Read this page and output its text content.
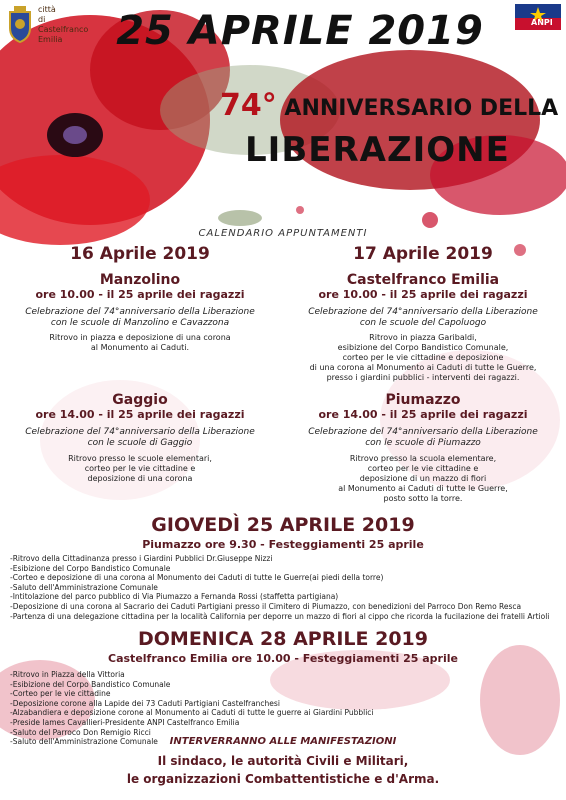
città
di
Castelfranco
Emilia
ANPI
25 APRILE 2019
74° ANNIVERSARIO DELLA
LIBERAZIONE
CALENDARIO APPUNTAMENTI
16 Aprile 2019
Manzolino
ore 10.00 - il 25 aprile dei ragazzi
Celebrazione del 74°anniversario della Liberazione
con le scuole di Manzolino e Cavazzona
Ritrovo in piazza e deposizione di una corona
al Monumento ai Caduti.
Gaggio
ore 14.00 - il 25 aprile dei ragazzi
Celebrazione del 74°anniversario della Liberazione
con le scuole di Gaggio
Ritrovo presso le scuole elementari,
corteo per le vie cittadine e
deposizione di una corona
17 Aprile 2019
Castelfranco Emilia
ore 10.00 - il 25 aprile dei ragazzi
Celebrazione del 74°anniversario della Liberazione
con le scuole del Capoluogo
Ritrovo in piazza Garibaldi,
esibizione del Corpo Bandistico Comunale,
corteo per le vie cittadine e deposizione
di una corona al Monumento ai Caduti di tutte le Guerre,
presso i giardini pubblici - interventi dei ragazzi.
Piumazzo
ore 14.00 - il 25 aprile dei ragazzi
Celebrazione del 74°anniversario della Liberazione
con le scuole di Piumazzo
Ritrovo presso la scuola elementare,
corteo per le vie cittadine e
deposizione di un mazzo di fiori
al Monumento ai Caduti di tutte le Guerre,
posto sotto la torre.
GIOVEDÌ 25 APRILE 2019
Piumazzo ore 9.30 - Festeggiamenti 25 aprile
-Ritrovo della Cittadinanza presso i Giardini Pubblici Dr.Giuseppe Nizzi
-Esibizione del Corpo Bandistico Comunale
-Corteo e deposizione di una corona al Monumento dei Caduti di tutte le Guerre(ai piedi della torre)
-Saluto dell'Amministrazione Comunale
-Intitolazione del parco pubblico di Via Piumazzo a Fernanda Rossi (staffetta partigiana)
-Deposizione di una corona al Sacrario dei Caduti Partigiani presso il Cimitero di Piumazzo, con benedizioni del Parroco Don Remo Resca
-Partenza di una delegazione cittadina per la località California per deporre un mazzo di fiori al cippo che ricorda la fucilazione dei fratelli Artioli
DOMENICA 28 APRILE 2019
Castelfranco Emilia ore 10.00 - Festeggiamenti 25 aprile
-Ritrovo in Piazza della Vittoria
-Esibizione del Corpo Bandistico Comunale
-Corteo per le vie cittadine
-Deposizione corone alla Lapide dei 73 Caduti Partigiani Castelfranchesi
-Alzabandiera e deposizione corone al Monumento ai Caduti di tutte le guerre ai Giardini Pubblici
-Preside Iames Cavallieri-Presidente ANPI Castelfranco Emilia
-Saluto del Parroco Don Remigio Ricci
-Saluto dell'Amministrazione Comunale	INTERVERRANNO ALLE MANIFESTAZIONI
Il sindaco, le autorità Civili e Militari,
le organizzazioni Combattentistiche e d'Arma.
